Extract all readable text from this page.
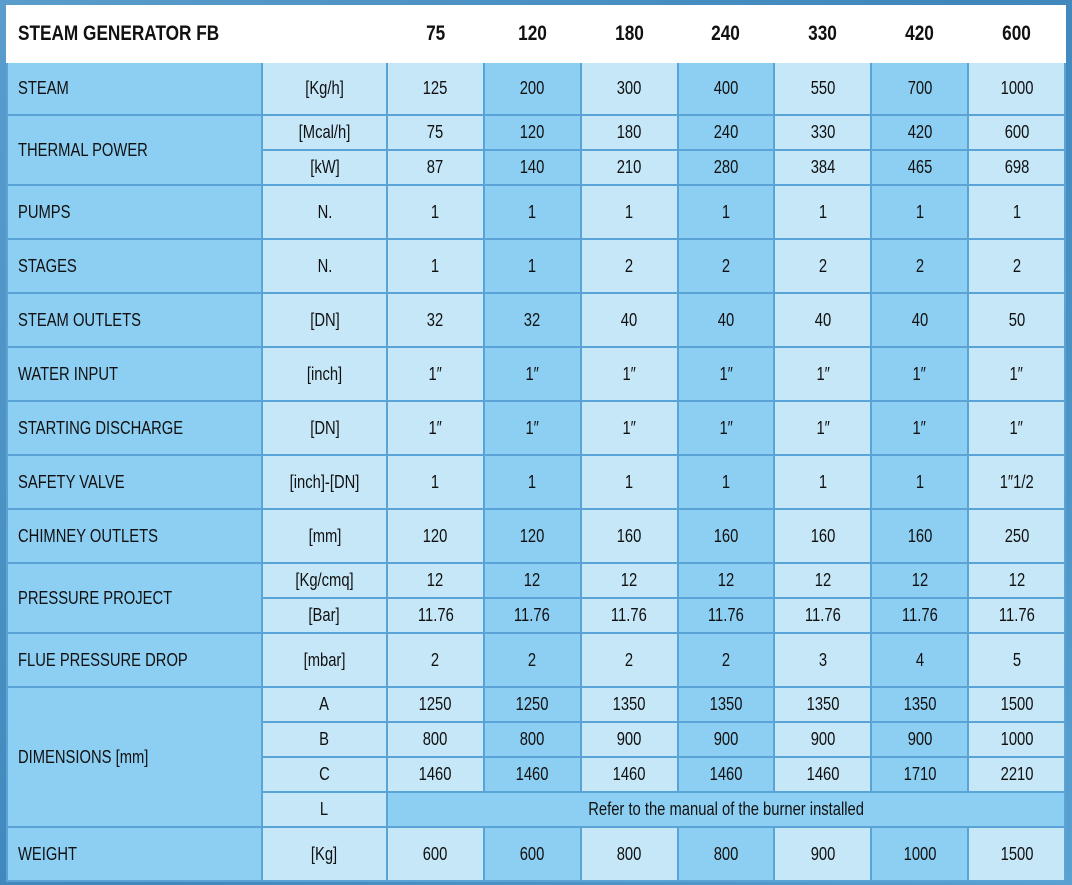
STEAM GENERATOR FB		75	120	180	240	330	420	600
STEAM	[Kg/h]	125	200	300	400	550	700	1000
THERMAL POWER	[Mcal/h]	75	120	180	240	330	420	600
	[kW]	87	140	210	280	384	465	698
PUMPS	N.	1	1	1	1	1	1	1
STAGES	N.	1	1	2	2	2	2	2
STEAM OUTLETS	[DN]	32	32	40	40	40	40	50
WATER INPUT	[inch]	1″	1″	1″	1″	1″	1″	1″
STARTING DISCHARGE	[DN]	1″	1″	1″	1″	1″	1″	1″
SAFETY VALVE	[inch]-[DN]	1	1	1	1	1	1	1″1/2
CHIMNEY OUTLETS	[mm]	120	120	160	160	160	160	250
PRESSURE PROJECT	[Kg/cmq]	12	12	12	12	12	12	12
	[Bar]	11.76	11.76	11.76	11.76	11.76	11.76	11.76
FLUE PRESSURE DROP	[mbar]	2	2	2	2	3	4	5
DIMENSIONS [mm]	A	1250	1250	1350	1350	1350	1350	1500
	B	800	800	900	900	900	900	1000
	C	1460	1460	1460	1460	1460	1710	2210
	L	Refer to the manual of the burner installed						
WEIGHT	[Kg]	600	600	800	800	900	1000	1500
